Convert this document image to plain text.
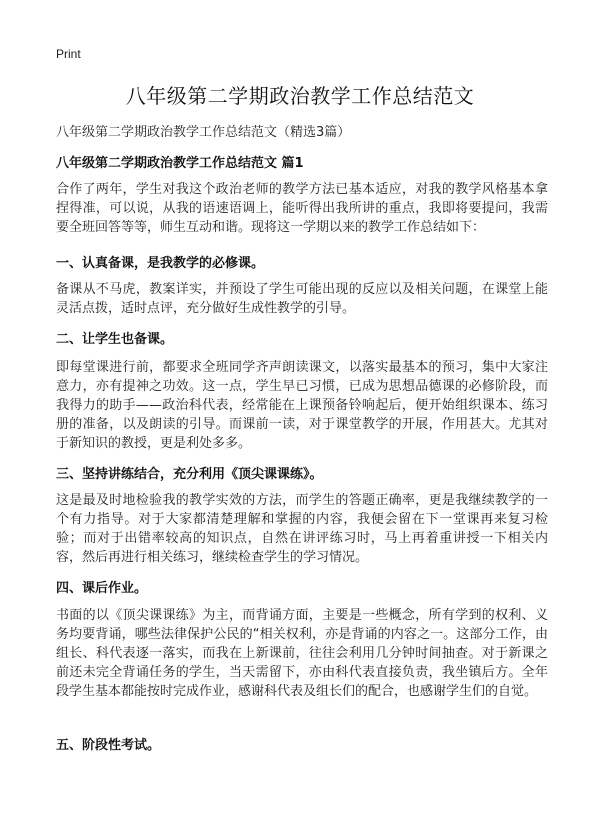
Print
八年级第二学期政治教学工作总结范文
八年级第二学期政治教学工作总结范文（精选3篇）
八年级第二学期政治教学工作总结范文 篇1

合作了两年，学生对我这个政治老师的教学方法已基本适应，对我的教学风格基本拿捏得准，可以说，从我的语速语调上，能听得出我所讲的重点，我即将要提问，我需要全班回答等等，师生互动和谐。现将这一学期以来的教学工作总结如下：

一、认真备课，是我教学的必修课。

备课从不马虎，教案详实，并预设了学生可能出现的反应以及相关问题，在课堂上能灵活点拨，适时点评，充分做好生成性教学的引导。

二、让学生也备课。

即每堂课进行前，都要求全班同学齐声朗读课文，以落实最基本的预习，集中大家注意力，亦有提神之功效。这一点，学生早已习惯，已成为思想品德课的必修阶段，而我得力的助手——政治科代表，经常能在上课预备铃响起后，便开始组织课本、练习册的准备，以及朗读的引导。而课前一读，对于课堂教学的开展，作用甚大。尤其对于新知识的教授，更是利处多多。

三、坚持讲练结合，充分利用《顶尖课课练》。

这是最及时地检验我的教学实效的方法，而学生的答题正确率，更是我继续教学的一个有力指导。对于大家都清楚理解和掌握的内容，我便会留在下一堂课再来复习检验；而对于出错率较高的知识点，自然在讲评练习时，马上再着重讲授一下相关内容，然后再进行相关练习，继续检查学生的学习情况。

四、课后作业。

书面的以《顶尖课课练》为主，而背诵方面，主要是一些概念，所有学到的权利、义务均要背诵，哪些法律保护公民的“相关权利，亦是背诵的内容之一。这部分工作，由组长、科代表逐一落实，而我在上新课前，往往会利用几分钟时间抽查。对于新课之前还未完全背诵任务的学生，当天需留下，亦由科代表直接负责，我坐镇后方。全年段学生基本都能按时完成作业，感谢科代表及组长们的配合，也感谢学生们的自觉。

五、阶段性考试。
